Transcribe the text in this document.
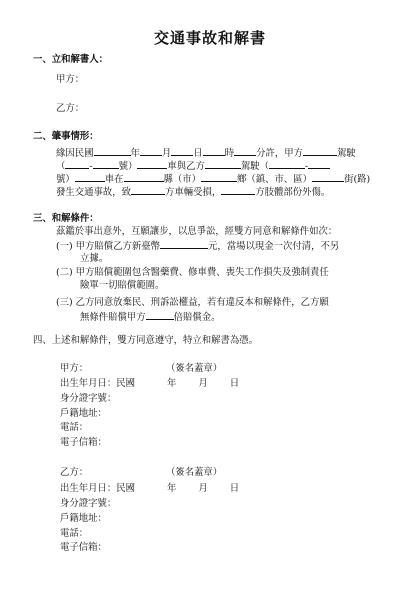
交通事故和解書
一、立和解書人：
甲方：
乙方：
二、肇事情形：
緣因民國	年 月 日 時 分許，甲方	駕駛
（	-	號）	車與乙方	駕駛（	-
號）	車在	縣（市）	鄉（鎮、市、區）	街(路)
發生交通事故，致	方車輛受損，	方肢體部份外傷。
三、和解條件：
茲鑑於事出意外，互願讓步，以息爭訟，經雙方同意和解條件如次：
(一) 甲方賠償乙方新臺幣	元，當場以現金一次付清，不另
立據。
(二) 甲方賠償範圍包含醫藥費、修車費、喪失工作損失及強制責任
險單一切賠償範圍。
(三) 乙方同意放棄民、刑訴訟權益，若有違反本和解條件，乙方願
無條件賠償甲方	倍賠償金。
四、上述和解條件，雙方同意遵守，特立和解書為憑。
甲方：	（簽名蓋章）
出生年月日：民國	年 月 日
身分證字號：
戶籍地址：
電話：
電子信箱：
乙方：	（簽名蓋章）
出生年月日：民國	年 月 日
身分證字號：
戶籍地址：
電話：
電子信箱：
